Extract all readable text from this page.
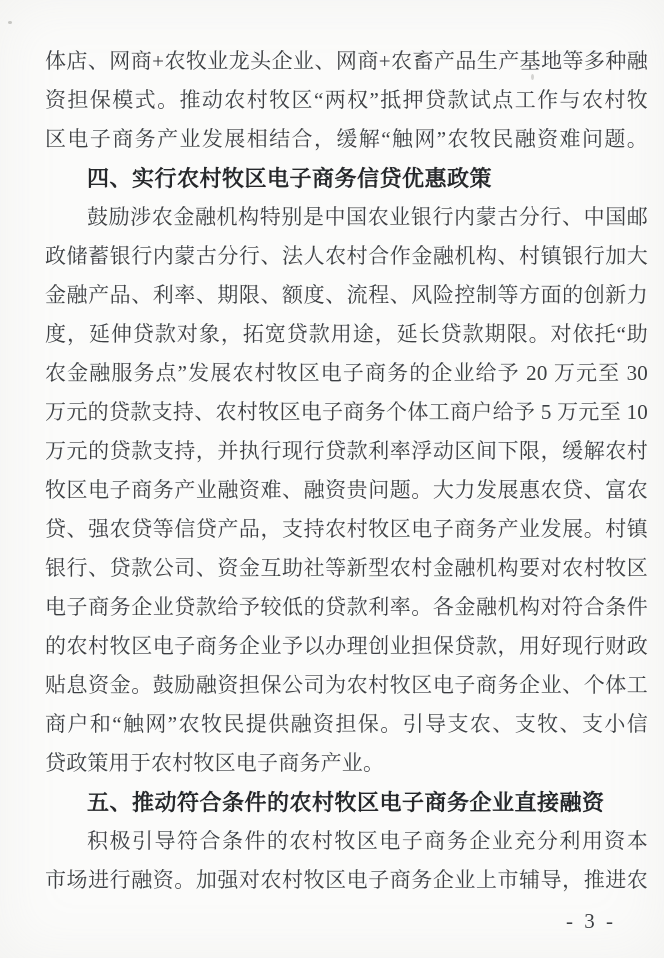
体店、网商+农牧业龙头企业、网商+农畜产品生产基地等多种融
资担保模式。推动农村牧区“两权”抵押贷款试点工作与农村牧
区电子商务产业发展相结合，缓解“触网”农牧民融资难问题。
四、实行农村牧区电子商务信贷优惠政策
鼓励涉农金融机构特别是中国农业银行内蒙古分行、中国邮
政储蓄银行内蒙古分行、法人农村合作金融机构、村镇银行加大
金融产品、利率、期限、额度、流程、风险控制等方面的创新力
度，延伸贷款对象，拓宽贷款用途，延长贷款期限。对依托“助
农金融服务点”发展农村牧区电子商务的企业给予 20 万元至 30
万元的贷款支持、农村牧区电子商务个体工商户给予 5 万元至 10
万元的贷款支持，并执行现行贷款利率浮动区间下限，缓解农村
牧区电子商务产业融资难、融资贵问题。大力发展惠农贷、富农
贷、强农贷等信贷产品，支持农村牧区电子商务产业发展。村镇
银行、贷款公司、资金互助社等新型农村金融机构要对农村牧区
电子商务企业贷款给予较低的贷款利率。各金融机构对符合条件
的农村牧区电子商务企业予以办理创业担保贷款，用好现行财政
贴息资金。鼓励融资担保公司为农村牧区电子商务企业、个体工
商户和“触网”农牧民提供融资担保。引导支农、支牧、支小信
贷政策用于农村牧区电子商务产业。
五、推动符合条件的农村牧区电子商务企业直接融资
积极引导符合条件的农村牧区电子商务企业充分利用资本
市场进行融资。加强对农村牧区电子商务企业上市辅导，推进农
- 3 -
